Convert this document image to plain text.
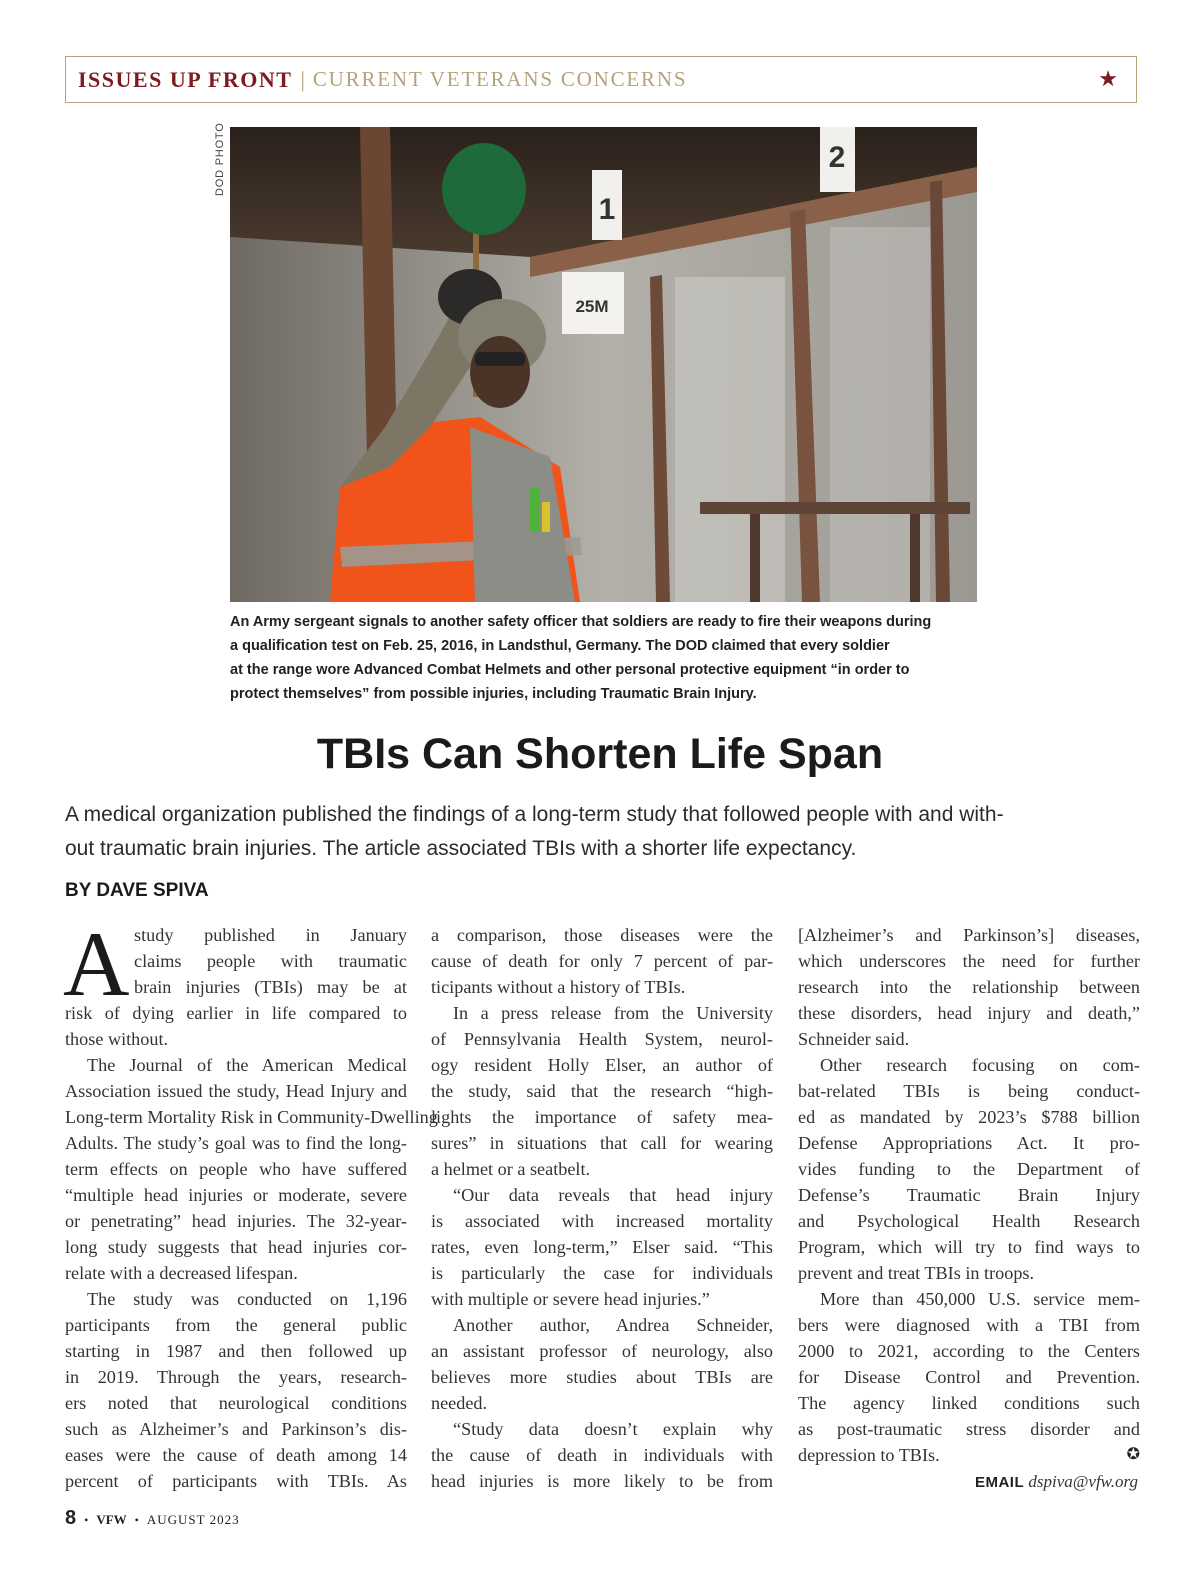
ISSUES UP FRONT | CURRENT VETERANS CONCERNS	★
DOD PHOTO
1
2
25M
An Army sergeant signals to another safety officer that soldiers are ready to fire their weapons during
a qualification test on Feb. 25, 2016, in Landsthul, Germany. The DOD claimed that every soldier
at the range wore Advanced Combat Helmets and other personal protective equipment “in order to
protect themselves” from possible injuries, including Traumatic Brain Injury.
TBIs Can Shorten Life Span
A medical organization published the findings of a long-term study that followed people with and with-
out traumatic brain injuries. The article associated TBIs with a shorter life expectancy.
BY DAVE SPIVA
A study published in January
claims people with traumatic
brain injuries (TBIs) may be at
risk of dying earlier in life compared to
those without.
The Journal of the American Medical
Association issued the study, Head Injury and
Long-term Mortality Risk in Community-Dwelling
Adults. The study’s goal was to find the long-
term effects on people who have suffered
“multiple head injuries or moderate, severe
or penetrating” head injuries. The 32-year-
long study suggests that head injuries cor-
relate with a decreased lifespan.
The study was conducted on 1,196
participants from the general public
starting in 1987 and then followed up
in 2019. Through the years, research-
ers noted that neurological conditions
such as Alzheimer’s and Parkinson’s dis-
eases were the cause of death among 14
percent of participants with TBIs. As
a comparison, those diseases were the
cause of death for only 7 percent of par-
ticipants without a history of TBIs.
In a press release from the University
of Pennsylvania Health System, neurol-
ogy resident Holly Elser, an author of
the study, said that the research “high-
lights the importance of safety mea-
sures” in situations that call for wearing
a helmet or a seatbelt.
“Our data reveals that head injury
is associated with increased mortality
rates, even long-term,” Elser said. “This
is particularly the case for individuals
with multiple or severe head injuries.”
Another author, Andrea Schneider,
an assistant professor of neurology, also
believes more studies about TBIs are
needed.
“Study data doesn’t explain why
the cause of death in individuals with
head injuries is more likely to be from
[Alzheimer’s and Parkinson’s] diseases,
which underscores the need for further
research into the relationship between
these disorders, head injury and death,”
Schneider said.
Other research focusing on com-
bat-related TBIs is being conduct-
ed as mandated by 2023’s $788 billion
Defense Appropriations Act. It pro-
vides funding to the Department of
Defense’s Traumatic Brain Injury
and Psychological Health Research
Program, which will try to find ways to
prevent and treat TBIs in troops.
More than 450,000 U.S. service mem-
bers were diagnosed with a TBI from
2000 to 2021, according to the Centers
for Disease Control and Prevention.
The agency linked conditions such
as post-traumatic stress disorder and
depression to TBIs.	✪
EMAIL dspiva@vfw.org
8 • VFW • AUGUST 2023
